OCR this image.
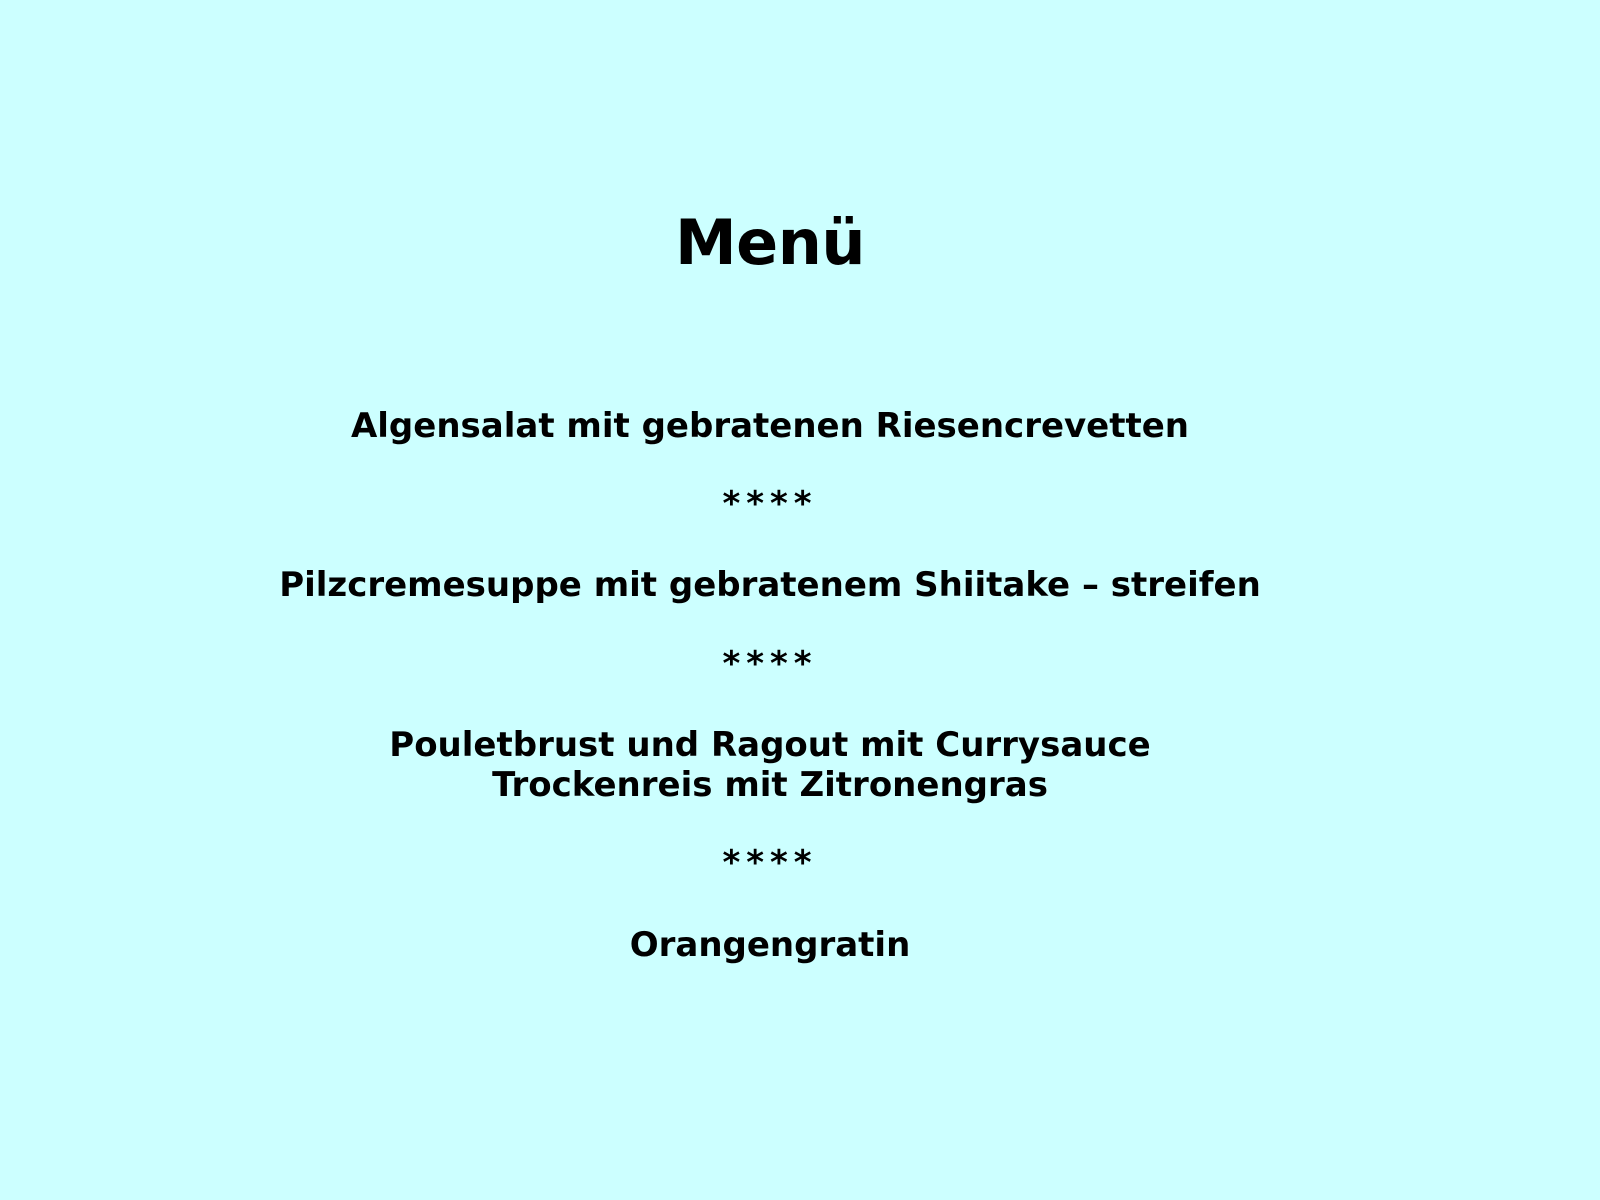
Menü
Algensalat mit gebratenen Riesencrevetten
****
Pilzcremesuppe mit gebratenem Shiitake – streifen
****
Pouletbrust und Ragout mit Currysauce
Trockenreis mit Zitronengras
****
Orangengratin
